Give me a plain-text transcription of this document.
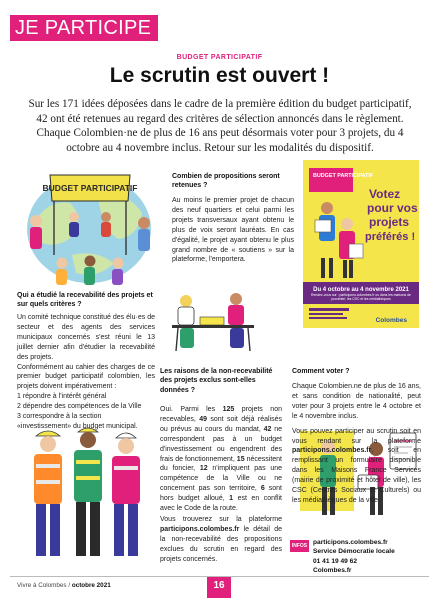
JE PARTICIPE
BUDGET PARTICIPATIF
Le scrutin est ouvert !

Sur les 171 idées déposées dans le cadre de la première édition du budget participatif, 42 ont été retenues au regard des critères de sélection annoncés dans le règlement. Chaque Colombien·ne de plus de 16 ans peut désormais voter pour 3 projets, du 4 octobre au 4 novembre inclus. Retour sur les modalités du dispositif.

BUDGET PARTICIPATIF
BUDGET PARTICIPATIF
Votez
pour vos
projets
préférés !
Du 4 octobre au 4 novembre 2021
Rendez-vous sur : participons.colombes.fr ou dans les maisons de proximité, les CSC et les médiathèques
Colombes
Combien de propositions seront retenues ?

Au moins le premier projet de chacun des neuf quartiers et celui parmi les projets transversaux ayant obtenu le plus de voix seront lauréats. En cas d'égalité, le projet ayant obtenu le plus grand nombre de « soutiens » sur la plateforme, l'emportera.

Qui a étudié la recevabilité des projets et sur quels critères ?

Un comité technique constitué des élu·es de secteur et des agents des services municipaux concernés s'est réuni le 13 juillet dernier afin d'étudier la recevabilité des projets.

Conformément au cahier des charges de ce premier budget participatif colombien, les projets doivent impérativement :

1 répondre à l'intérêt général

2 dépendre des compétences de la Ville

3 correspondre à la section «investissement» du budget municipal.

Les raisons de la non-recevabilité des projets exclus sont-elles données ?

Oui. Parmi les 125 projets non recevables, 49 sont soit déjà réalisés ou prévus au cours du mandat, 42 ne correspondent pas à un budget d'investissement ou engendrent des frais de fonctionnement, 15 nécessitent du foncier, 12 n'impliquent pas une compétence de la Ville ou ne concernent pas son territoire, 6 sont hors budget alloué, 1 est en conflit avec le Code de la route.

Vous trouverez sur la plateforme participons.colombes.fr le détail de la non-recevabilité des propositions exclues du scrutin en regard des projets concernés.

Comment voter ?

Chaque Colombien.ne de plus de 16 ans, et sans condition de nationalité, peut voter pour 3 projets entre le 4 octobre et le 4 novembre inclus.

Vous pouvez participer au scrutin soit en vous rendant sur la plateforme participons.colombes.fr, soit en remplissant un formulaire disponible dans les Maisons France Services (mairie de proximité et hôtel de ville), les CSC (Centres Sociaux et Culturels) ou les médiathèques de la ville.

INFOS participons.colombes.fr
Service Démocratie locale
01 41 19 49 62
Colombes.fr
Vivre à Colombes / octobre 2021	16
